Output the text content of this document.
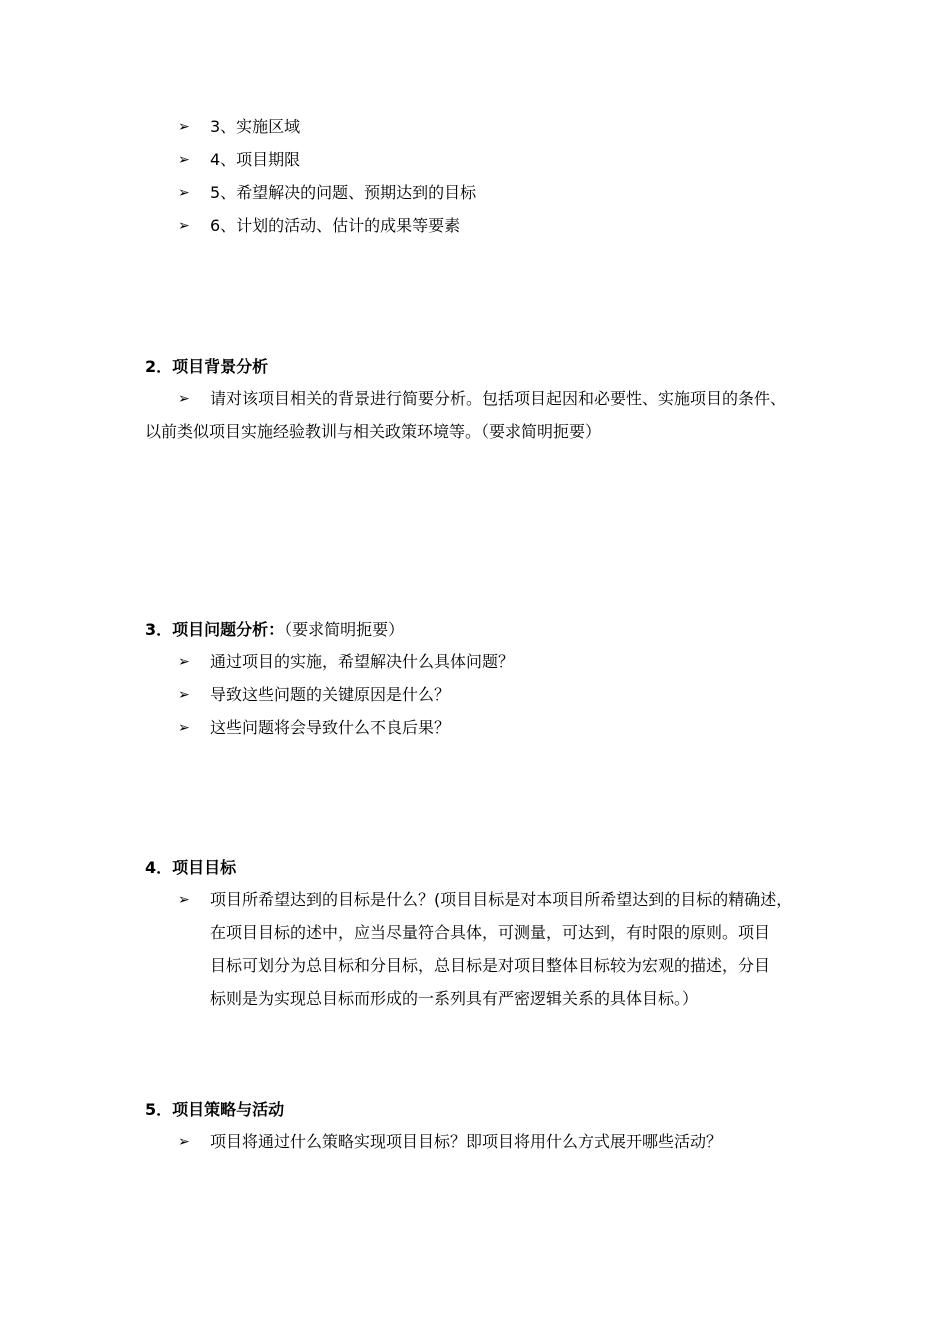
➢ 3、实施区域
➢ 4、项目期限
➢ 5、希望解决的问题、预期达到的目标
➢ 6、计划的活动、估计的成果等要素
2．项目背景分析
➢ 请对该项目相关的背景进行简要分析。包括项目起因和必要性、实施项目的条件、
以前类似项目实施经验教训与相关政策环境等。（要求简明扼要）
3．项目问题分析：（要求简明扼要）
➢ 通过项目的实施，希望解决什么具体问题？
➢ 导致这些问题的关键原因是什么？
➢ 这些问题将会导致什么不良后果？
4．项目目标
➢ 项目所希望达到的目标是什么？(项目目标是对本项目所希望达到的目标的精确述，
在项目目标的述中，应当尽量符合具体，可测量，可达到，有时限的原则。项目
目标可划分为总目标和分目标，总目标是对项目整体目标较为宏观的描述，分目
标则是为实现总目标而形成的一系列具有严密逻辑关系的具体目标。）
5．项目策略与活动
➢ 项目将通过什么策略实现项目目标？即项目将用什么方式展开哪些活动？
